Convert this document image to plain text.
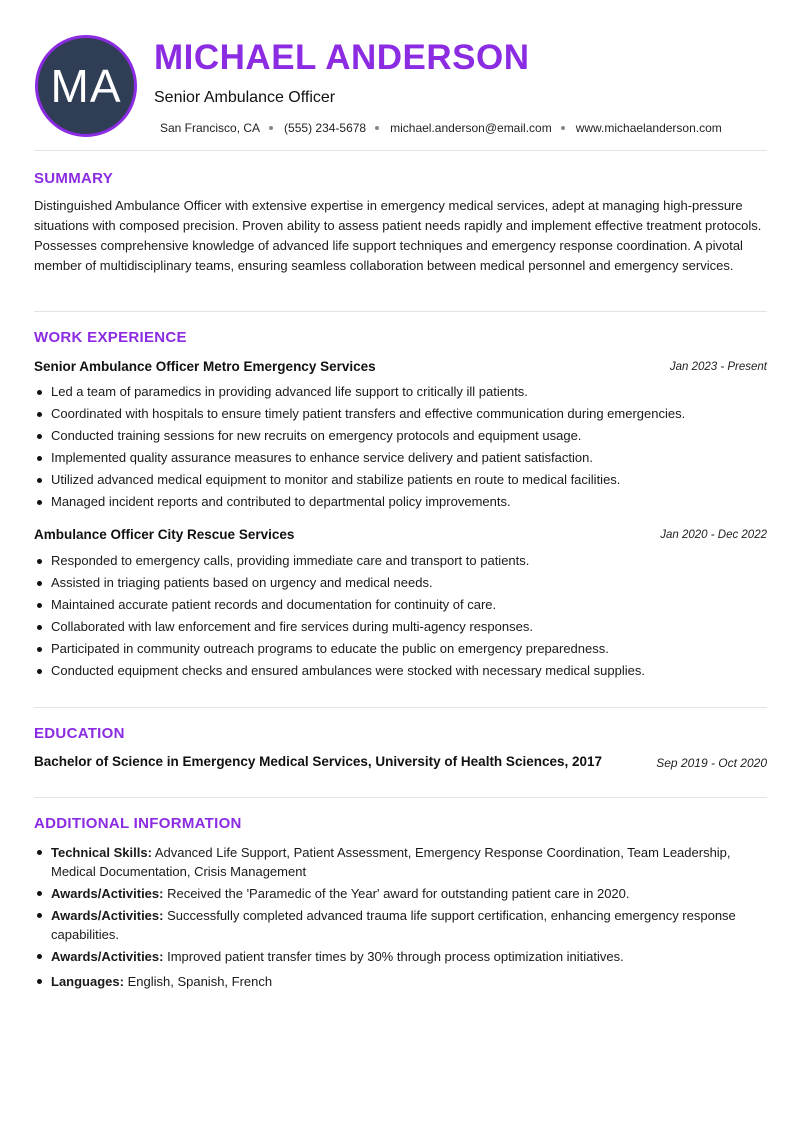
MA
MICHAEL ANDERSON
Senior Ambulance Officer
San Francisco, CA (555) 234-5678 michael.anderson@email.com www.michaelanderson.com
SUMMARY
Distinguished Ambulance Officer with extensive expertise in emergency medical services, adept at managing high-pressure situations with composed precision. Proven ability to assess patient needs rapidly and implement effective treatment protocols. Possesses comprehensive knowledge of advanced life support techniques and emergency response coordination. A pivotal member of multidisciplinary teams, ensuring seamless collaboration between medical personnel and emergency services.
WORK EXPERIENCE
Senior Ambulance Officer Metro Emergency Services	Jan 2023 - Present
Led a team of paramedics in providing advanced life support to critically ill patients.
Coordinated with hospitals to ensure timely patient transfers and effective communication during emergencies.
Conducted training sessions for new recruits on emergency protocols and equipment usage.
Implemented quality assurance measures to enhance service delivery and patient satisfaction.
Utilized advanced medical equipment to monitor and stabilize patients en route to medical facilities.
Managed incident reports and contributed to departmental policy improvements.
Ambulance Officer City Rescue Services	Jan 2020 - Dec 2022
Responded to emergency calls, providing immediate care and transport to patients.
Assisted in triaging patients based on urgency and medical needs.
Maintained accurate patient records and documentation for continuity of care.
Collaborated with law enforcement and fire services during multi-agency responses.
Participated in community outreach programs to educate the public on emergency preparedness.
Conducted equipment checks and ensured ambulances were stocked with necessary medical supplies.
EDUCATION
Bachelor of Science in Emergency Medical Services, University of Health Sciences, 2017	Sep 2019 - Oct 2020
ADDITIONAL INFORMATION
Technical Skills: Advanced Life Support, Patient Assessment, Emergency Response Coordination, Team Leadership, Medical Documentation, Crisis Management
Awards/Activities: Received the 'Paramedic of the Year' award for outstanding patient care in 2020.
Awards/Activities: Successfully completed advanced trauma life support certification, enhancing emergency response capabilities.
Awards/Activities: Improved patient transfer times by 30% through process optimization initiatives.
Languages: English, Spanish, French
